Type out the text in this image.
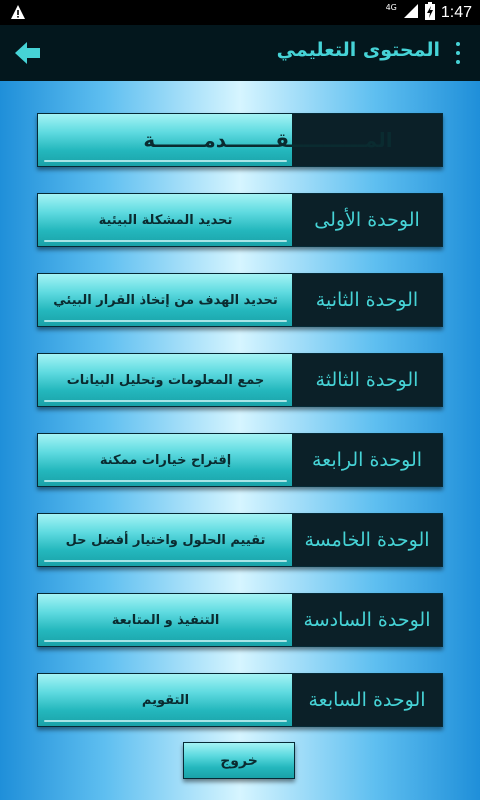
4G	1:47
المحتوى التعليمي
المـــــــــــقـــــــدمـــــــة
تحديد المشكلة البيئية	الوحدة الأولى
تحديد الهدف من إتخاذ القرار البيئي الوحدة الثانية
جمع المعلومات وتحليل البيانات	الوحدة الثالثة
إقتراح خيارات ممكنة	الوحدة الرابعة
تقييم الحلول واختيار أفضل حل الوحدة الخامسة
التنفيذ و المتابعة	الوحدة السادسة
التقويم	الوحدة السابعة
خروج
